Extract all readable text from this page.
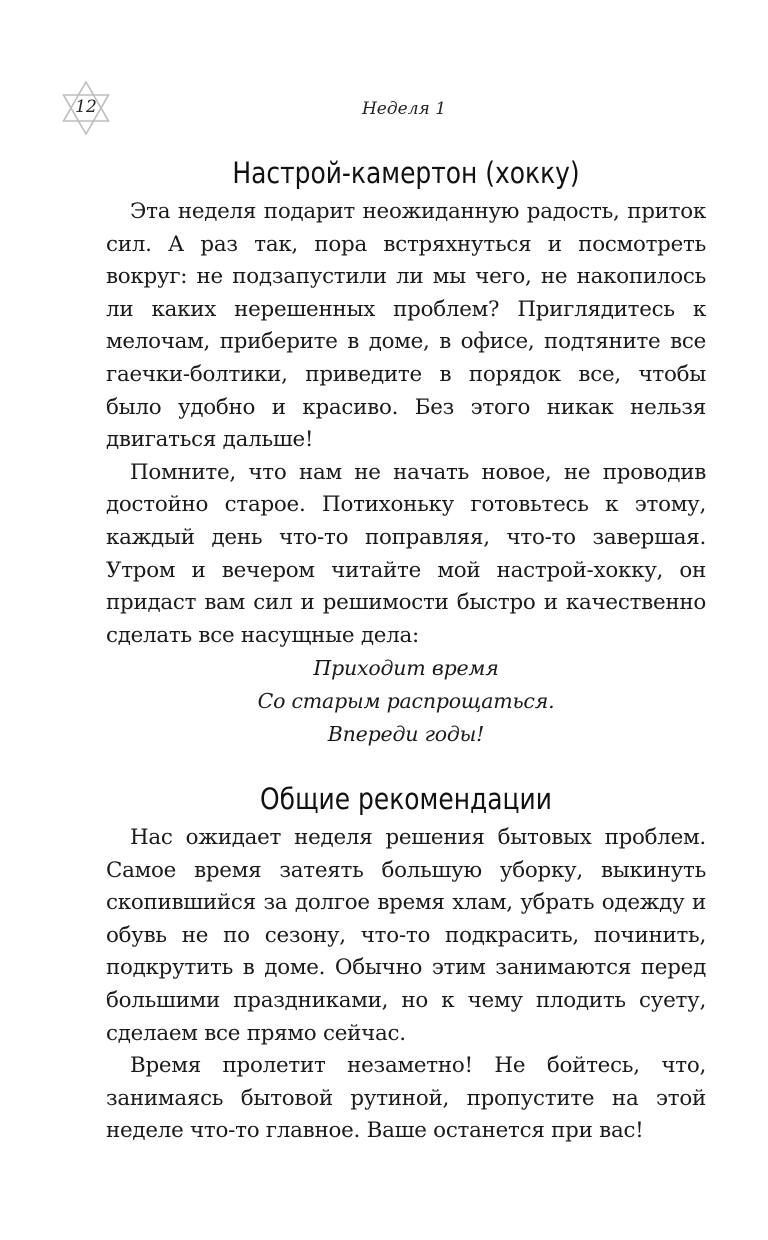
12	Неделя 1
Настрой-камертон (хокку)

Эта неделя подарит неожиданную радость, приток сил. А раз так, пора встряхнуться и посмотреть вокруг: не подзапустили ли мы чего, не накопилось ли каких нерешенных проблем? Приглядитесь к мелочам, приберите в доме, в офисе, подтяните все гаечки-болтики, приведите в порядок все, чтобы было удобно и красиво. Без этого никак нельзя двигаться дальше!

Помните, что нам не начать новое, не проводив достойно старое. Потихоньку готовьтесь к этому, каждый день что-то поправляя, что-то завершая. Утром и вечером читайте мой настрой-хокку, он придаст вам сил и решимости быстро и качественно сделать все насущные дела:

Приходит время
Со старым распрощаться.
Впереди годы!
Общие рекомендации

Нас ожидает неделя решения бытовых проблем. Самое время затеять большую уборку, выкинуть скопившийся за долгое время хлам, убрать одежду и обувь не по сезону, что-то подкрасить, починить, подкрутить в доме. Обычно этим занимаются перед большими праздниками, но к чему плодить суету, сделаем все прямо сейчас.

Время пролетит незаметно! Не бойтесь, что, занимаясь бытовой рутиной, пропустите на этой неделе что-то главное. Ваше останется при вас!
